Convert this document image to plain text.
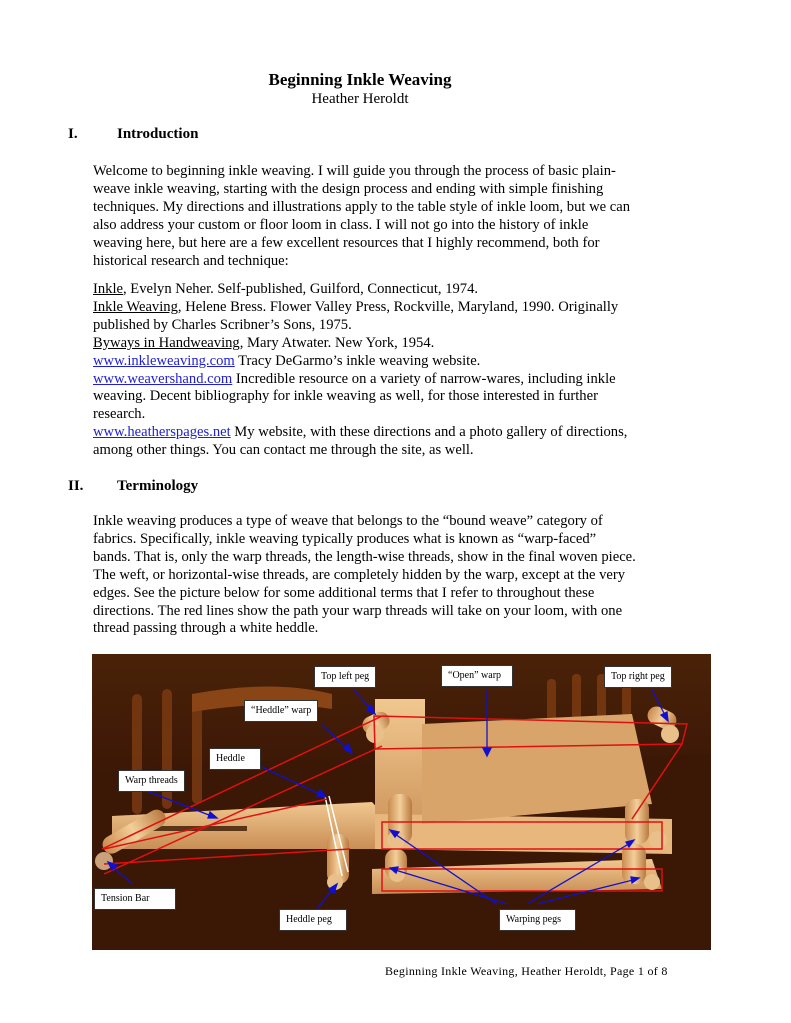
Beginning Inkle Weaving
Heather Heroldt
I.	Introduction

Welcome to beginning inkle weaving. I will guide you through the process of basic plain-

weave inkle weaving, starting with the design process and ending with simple finishing

techniques. My directions and illustrations apply to the table style of inkle loom, but we can

also address your custom or floor loom in class. I will not go into the history of inkle

weaving here, but here are a few excellent resources that I highly recommend, both for

historical research and technique:

Inkle, Evelyn Neher. Self-published, Guilford, Connecticut, 1974.

Inkle Weaving, Helene Bress. Flower Valley Press, Rockville, Maryland, 1990. Originally

published by Charles Scribner’s Sons, 1975.

Byways in Handweaving, Mary Atwater. New York, 1954.

www.inkleweaving.com Tracy DeGarmo’s inkle weaving website.

www.weavershand.com Incredible resource on a variety of narrow-wares, including inkle

weaving. Decent bibliography for inkle weaving as well, for those interested in further

research.

www.heatherspages.net My website, with these directions and a photo gallery of directions,

among other things. You can contact me through the site, as well.

II. Terminology

Inkle weaving produces a type of weave that belongs to the “bound weave” category of

fabrics. Specifically, inkle weaving typically produces what is known as “warp-faced”

bands. That is, only the warp threads, the length-wise threads, show in the final woven piece.

The weft, or horizontal-wise threads, are completely hidden by the warp, except at the very

edges. See the picture below for some additional terms that I refer to throughout these

directions. The red lines show the path your warp threads will take on your loom, with one

thread passing through a white heddle.

Top left peg	“Open” warp	Top right peg
“Heddle” warp
Heddle
Warp threads
Tension Bar
Heddle peg	Warping pegs
Beginning Inkle Weaving, Heather Heroldt, Page 1 of 8
